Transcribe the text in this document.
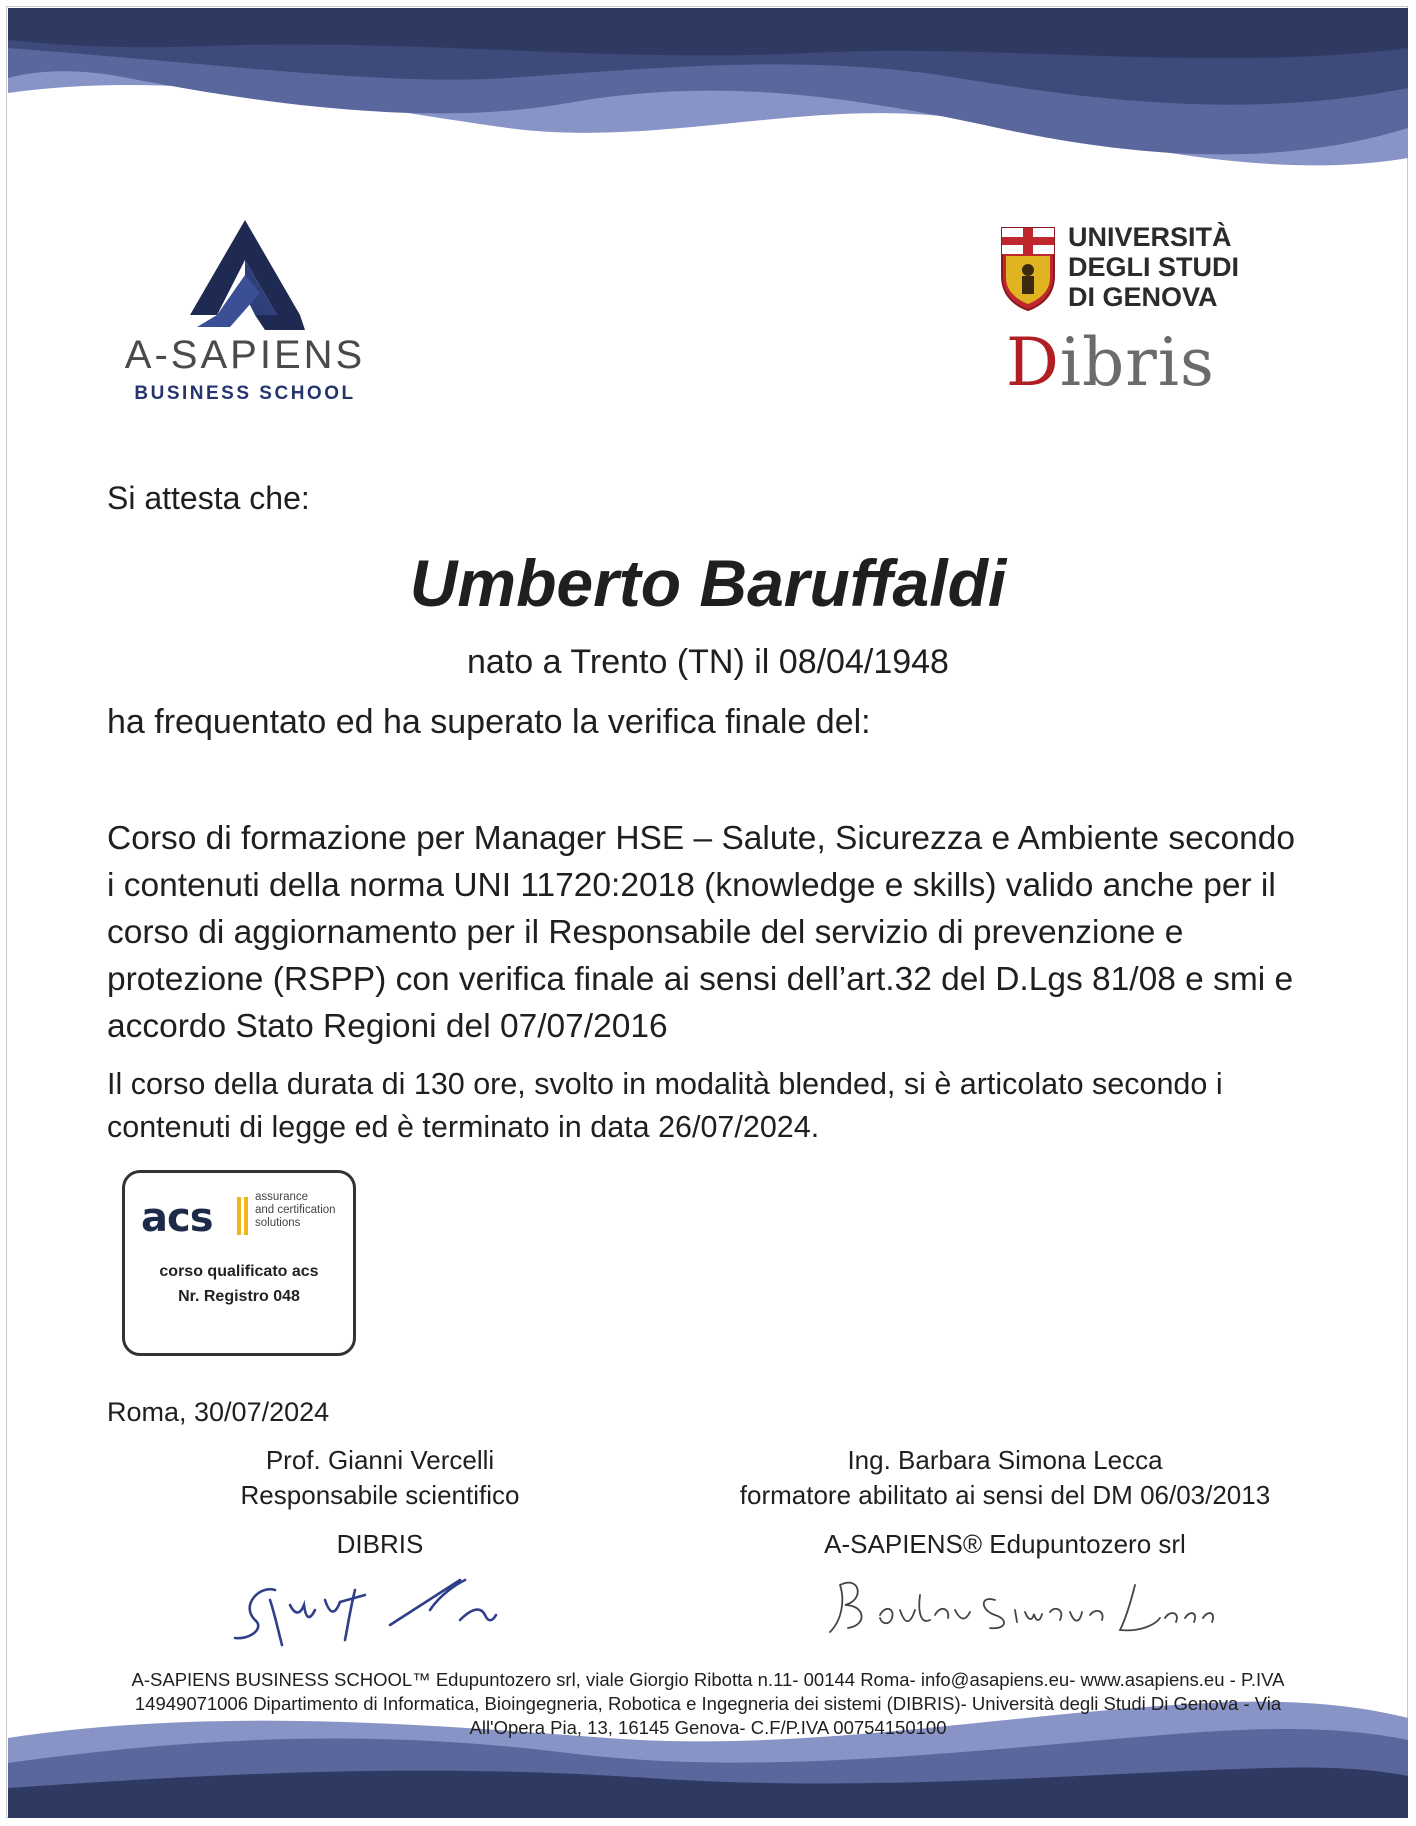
A-SAPIENS
BUSINESS SCHOOL
UNIVERSITÀ
DEGLI STUDI
DI GENOVA
Dibris
Si attesta che:
Umberto Baruffaldi
nato a Trento (TN) il 08/04/1948
ha frequentato ed ha superato la verifica finale del:
Corso di formazione per Manager HSE – Salute, Sicurezza e Ambiente secondo
i contenuti della norma UNI 11720:2018 (knowledge e skills) valido anche per il
corso di aggiornamento per il Responsabile del servizio di prevenzione e
protezione (RSPP) con verifica finale ai sensi dell’art.32 del D.Lgs 81/08 e smi e
accordo Stato Regioni del 07/07/2016
Il corso della durata di 130 ore, svolto in modalità blended, si è articolato secondo i
contenuti di legge ed è terminato in data 26/07/2024.
acs	assurance
and certification
solutions
corso qualificato acs
Nr. Registro 048
Roma, 30/07/2024
Prof. Gianni Vercelli
Responsabile scientifico
DIBRIS
Ing. Barbara Simona Lecca
formatore abilitato ai sensi del DM 06/03/2013
A-SAPIENS® Edupuntozero srl
A-SAPIENS BUSINESS SCHOOL™ Edupuntozero srl, viale Giorgio Ribotta n.11- 00144 Roma- info@asapiens.eu- www.asapiens.eu - P.IVA
14949071006 Dipartimento di Informatica, Bioingegneria, Robotica e Ingegneria dei sistemi (DIBRIS)- Università degli Studi Di Genova - Via
All'Opera Pia, 13, 16145 Genova- C.F/P.IVA 00754150100
